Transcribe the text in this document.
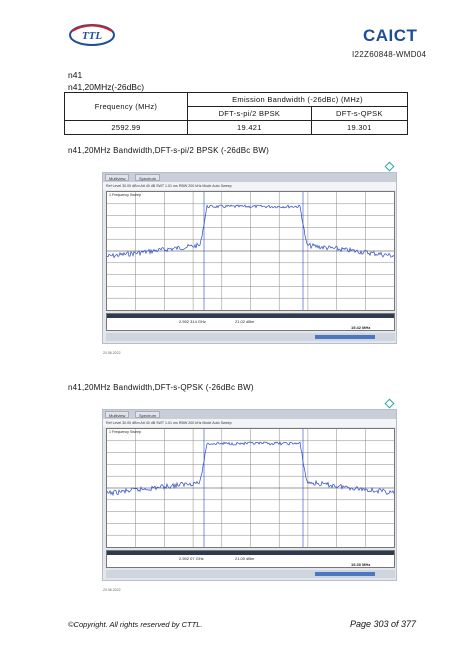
TTL	CAICT
I22Z60848-WMD04
n41
n41,20MHz(-26dBc)
Frequency (MHz)	Emission Bandwidth (-26dBc) (MHz)	
	DFT-s-pi/2 BPSK	DFT-s-QPSK
2592.99	19.421	19.301
n41,20MHz Bandwidth,DFT-s-pi/2 BPSK (-26dBc BW)
Multiview	Spectrum
Ref Level 30.00 dBm Att 40 dB SWT 1.01 ms RBW 200 kHz Mode Auto Sweep
1 Frequency Sweep
2.592 314 GHz	21.02 dBm
19.42 MHz
20.06.2022
n41,20MHz Bandwidth,DFT-s-QPSK (-26dBc BW)
Multiview	Spectrum
Ref Level 30.00 dBm Att 40 dB SWT 1.01 ms RBW 200 kHz Mode Auto Sweep
1 Frequency Sweep
2.592 07 GHz	21.00 dBm
19.30 MHz
20.06.2022
©Copyright. All rights reserved by CTTL.	Page 303 of 377
